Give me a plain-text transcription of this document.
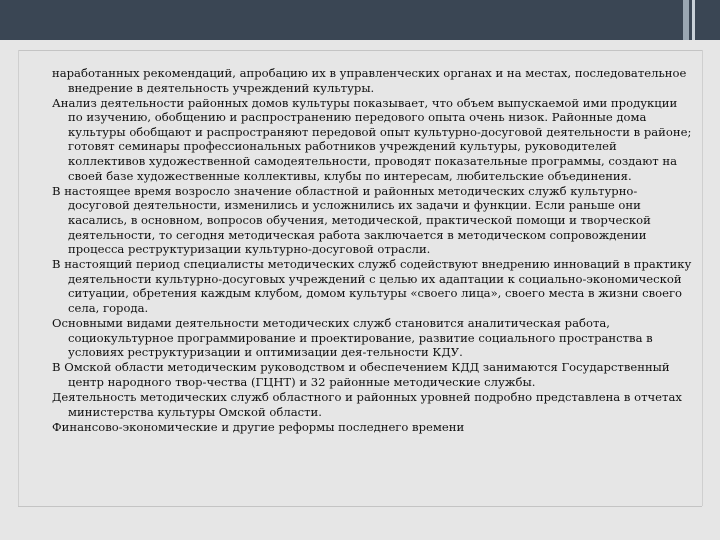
наработанных рекомендаций, апробацию их в управленческих органах и на местах, последовательное внедрение в деятельность учреждений культуры.

Анализ деятельности районных домов культуры показывает, что объем выпускаемой ими продукции по изучению, обобщению и распространению передового опыта очень низок. Районные дома культуры обобщают и распространяют передовой опыт культурно-досуговой деятельности в районе; готовят семинары профессиональных работников учреждений культуры, руководителей коллективов художественной самодеятельности, проводят показательные программы, создают на своей базе художественные коллективы, клубы по интересам, любительские объединения.

В настоящее время возросло значение областной и районных методических служб культурно-досуговой деятельности, изменились и усложнились их задачи и функции. Если раньше они касались, в основном, вопросов обучения, методической, практической помощи и творческой деятельности, то сегодня методическая работа заключается в методическом сопровождении процесса реструктуризации культурно-досуговой отрасли.

В настоящий период специалисты методических служб содействуют внедрению инноваций в практику деятельности культурно-досуговых учреждений с целью их адаптации к социально-экономической ситуации, обретения каждым клубом, домом культуры «своего лица», своего места в жизни своего села, города.

Основными видами деятельности методических служб становится аналитическая работа, социокультурное программирование и проектирование, развитие социального пространства в условиях реструктуризации и оптимизации дея-тельности КДУ.

В Омской области методическим руководством и обеспечением КДД занимаются Государственный центр народного твор-чества (ГЦНТ) и 32 районные методические службы.

Деятельность методических служб областного и районных уровней подробно представлена в отчетах министерства культуры Омской области.

Финансово-экономические и другие реформы последнего времени
